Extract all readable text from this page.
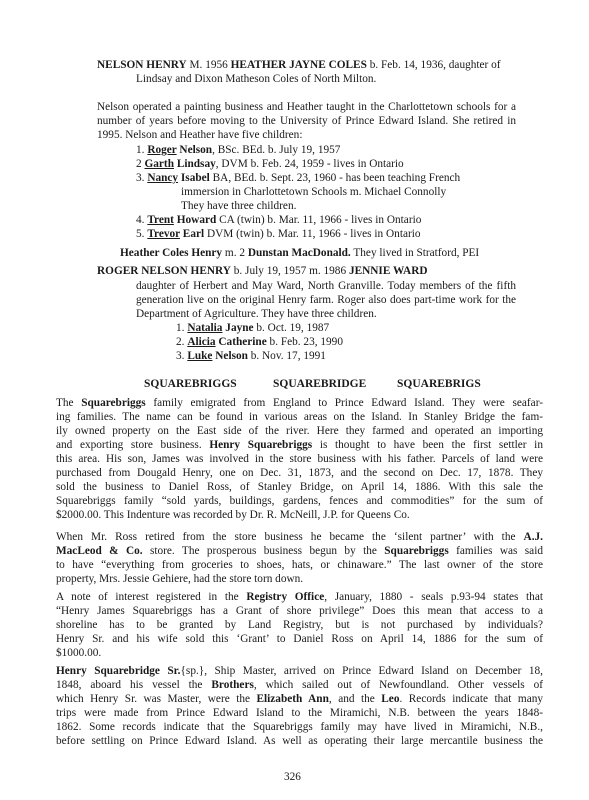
NELSON HENRY M. 1956 HEATHER JAYNE COLES b. Feb. 14, 1936, daughter of
Lindsay and Dixon Matheson Coles of North Milton.
Nelson operated a painting business and Heather taught in the Charlottetown schools for a
number of years before moving to the University of Prince Edward Island. She retired in
1995. Nelson and Heather have five children:
1. Roger Nelson, BSc. BEd. b. July 19, 1957
2 Garth Lindsay, DVM b. Feb. 24, 1959 - lives in Ontario
3. Nancy Isabel BA, BEd. b. Sept. 23, 1960 - has been teaching French
immersion in Charlottetown Schools m. Michael Connolly
They have three children.
4. Trent Howard CA (twin) b. Mar. 11, 1966 - lives in Ontario
5. Trevor Earl DVM (twin) b. Mar. 11, 1966 - lives in Ontario
Heather Coles Henry m. 2 Dunstan MacDonald. They lived in Stratford, PEI
ROGER NELSON HENRY b. July 19, 1957 m. 1986 JENNIE WARD
daughter of Herbert and May Ward, North Granville. Today members of the fifth
generation live on the original Henry farm. Roger also does part-time work for the
Department of Agriculture. They have three children.
1. Natalia Jayne b. Oct. 19, 1987
2. Alicia Catherine b. Feb. 23, 1990
3. Luke Nelson b. Nov. 17, 1991
SQUAREBRIGGS	SQUAREBRIDGE	SQUAREBRIGS
The Squarebriggs family emigrated from England to Prince Edward Island. They were seafar-
ing families. The name can be found in various areas on the Island. In Stanley Bridge the fam-
ily owned property on the East side of the river. Here they farmed and operated an importing
and exporting store business. Henry Squarebriggs is thought to have been the first settler in
this area. His son, James was involved in the store business with his father. Parcels of land were
purchased from Dougald Henry, one on Dec. 31, 1873, and the second on Dec. 17, 1878. They
sold the business to Daniel Ross, of Stanley Bridge, on April 14, 1886. With this sale the
Squarebriggs family “sold yards, buildings, gardens, fences and commodities” for the sum of
$2000.00. This Indenture was recorded by Dr. R. McNeill, J.P. for Queens Co.
When Mr. Ross retired from the store business he became the ‘silent partner’ with the A.J.
MacLeod & Co. store. The prosperous business begun by the Squarebriggs families was said
to have “everything from groceries to shoes, hats, or chinaware.” The last owner of the store
property, Mrs. Jessie Gehiere, had the store torn down.
A note of interest registered in the Registry Office, January, 1880 - seals p.93-94 states that
“Henry James Squarebriggs has a Grant of shore privilege” Does this mean that access to a
shoreline has to be granted by Land Registry, but is not purchased by individuals?
Henry Sr. and his wife sold this ‘Grant’ to Daniel Ross on April 14, 1886 for the sum of
$1000.00.
Henry Squarebridge Sr.{sp.}, Ship Master, arrived on Prince Edward Island on December 18,
1848, aboard his vessel the Brothers, which sailed out of Newfoundland. Other vessels of
which Henry Sr. was Master, were the Elizabeth Ann, and the Leo. Records indicate that many
trips were made from Prince Edward Island to the Miramichi, N.B. between the years 1848-
1862. Some records indicate that the Squarebriggs family may have lived in Miramichi, N.B.,
before settling on Prince Edward Island. As well as operating their large mercantile business the
326
